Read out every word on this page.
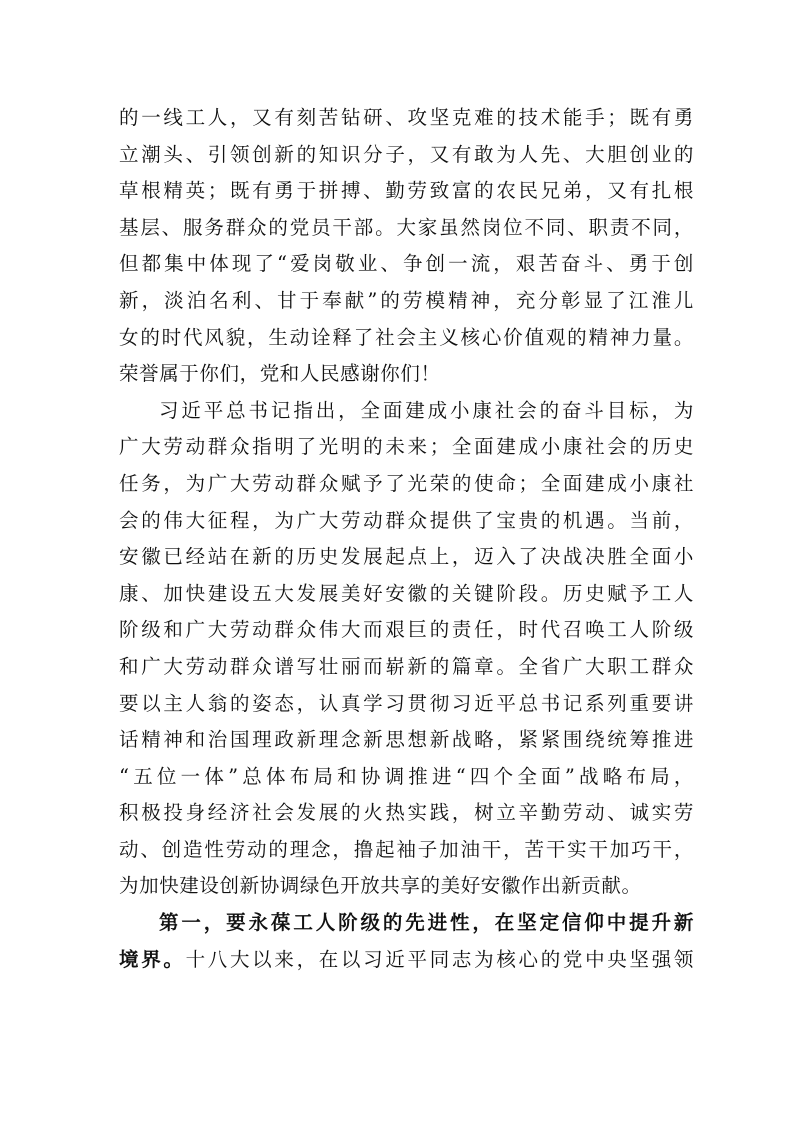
的一线工人，又有刻苦钻研、攻坚克难的技术能手；既有勇
立潮头、引领创新的知识分子，又有敢为人先、大胆创业的
草根精英；既有勇于拼搏、勤劳致富的农民兄弟，又有扎根
基层、服务群众的党员干部。大家虽然岗位不同、职责不同，
但都集中体现了“爱岗敬业、争创一流，艰苦奋斗、勇于创
新，淡泊名利、甘于奉献”的劳模精神，充分彰显了江淮儿
女的时代风貌，生动诠释了社会主义核心价值观的精神力量。
荣誉属于你们，党和人民感谢你们！
习近平总书记指出，全面建成小康社会的奋斗目标，为
广大劳动群众指明了光明的未来；全面建成小康社会的历史
任务，为广大劳动群众赋予了光荣的使命；全面建成小康社
会的伟大征程，为广大劳动群众提供了宝贵的机遇。当前，
安徽已经站在新的历史发展起点上，迈入了决战决胜全面小
康、加快建设五大发展美好安徽的关键阶段。历史赋予工人
阶级和广大劳动群众伟大而艰巨的责任，时代召唤工人阶级
和广大劳动群众谱写壮丽而崭新的篇章。全省广大职工群众
要以主人翁的姿态，认真学习贯彻习近平总书记系列重要讲
话精神和治国理政新理念新思想新战略，紧紧围绕统筹推进
“五位一体”总体布局和协调推进“四个全面”战略布局，
积极投身经济社会发展的火热实践，树立辛勤劳动、诚实劳
动、创造性劳动的理念，撸起袖子加油干，苦干实干加巧干，
为加快建设创新协调绿色开放共享的美好安徽作出新贡献。
第一，要永葆工人阶级的先进性，在坚定信仰中提升新
境界。十八大以来，在以习近平同志为核心的党中央坚强领
